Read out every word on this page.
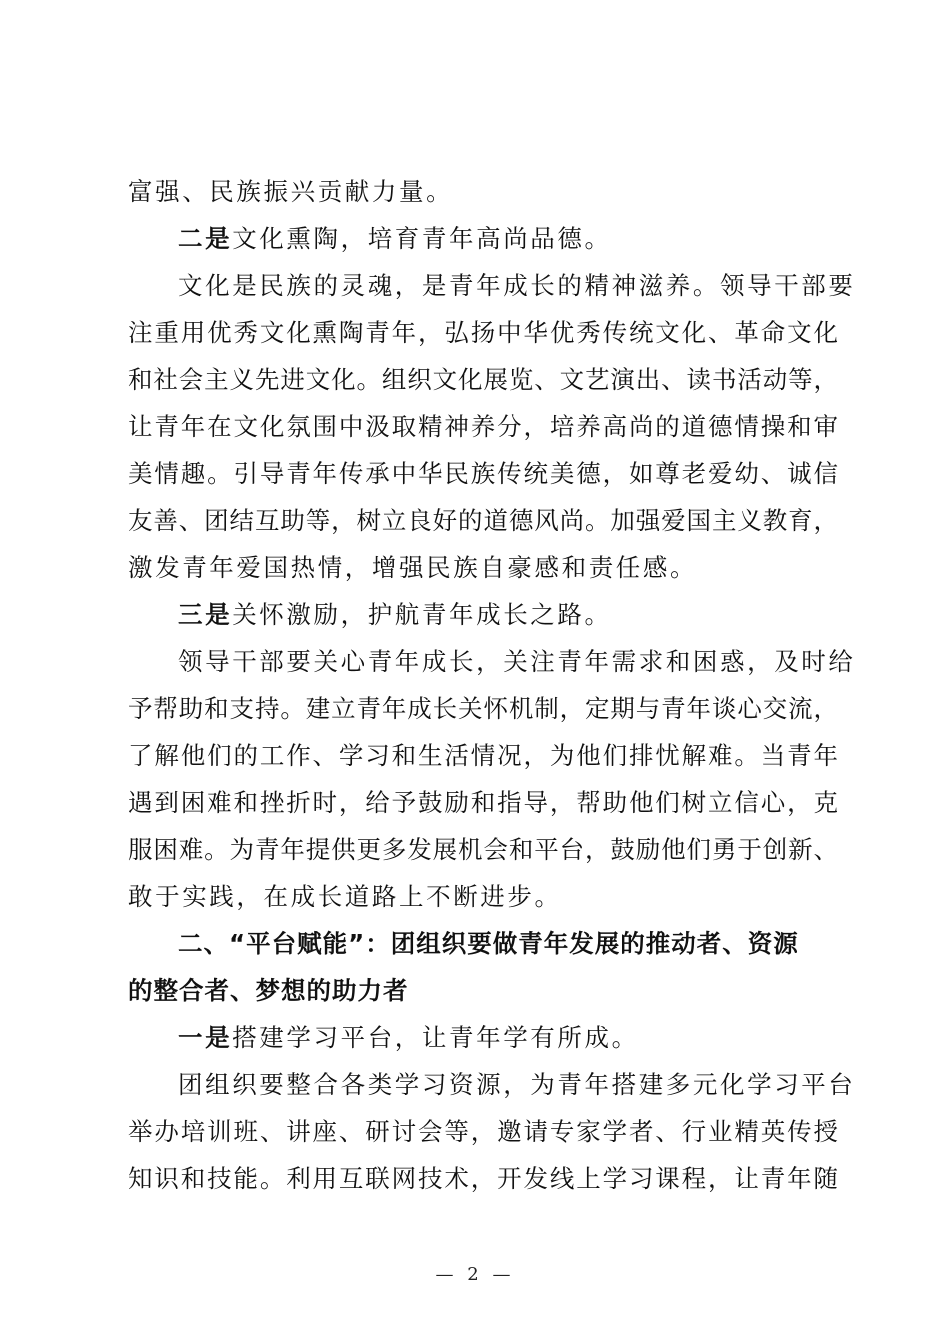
富强、民族振兴贡献力量。
二是文化熏陶，培育青年高尚品德。
文化是民族的灵魂，是青年成长的精神滋养。领导干部要
注重用优秀文化熏陶青年，弘扬中华优秀传统文化、革命文化
和社会主义先进文化。组织文化展览、文艺演出、读书活动等，
让青年在文化氛围中汲取精神养分，培养高尚的道德情操和审
美情趣。引导青年传承中华民族传统美德，如尊老爱幼、诚信
友善、团结互助等，树立良好的道德风尚。加强爱国主义教育，
激发青年爱国热情，增强民族自豪感和责任感。
三是关怀激励，护航青年成长之路。
领导干部要关心青年成长，关注青年需求和困惑，及时给
予帮助和支持。建立青年成长关怀机制，定期与青年谈心交流，
了解他们的工作、学习和生活情况，为他们排忧解难。当青年
遇到困难和挫折时，给予鼓励和指导，帮助他们树立信心，克
服困难。为青年提供更多发展机会和平台，鼓励他们勇于创新、
敢于实践，在成长道路上不断进步。
二、“平台赋能”：团组织要做青年发展的推动者、资源
的整合者、梦想的助力者
一是搭建学习平台，让青年学有所成。
团组织要整合各类学习资源，为青年搭建多元化学习平台
举办培训班、讲座、研讨会等，邀请专家学者、行业精英传授
知识和技能。利用互联网技术，开发线上学习课程，让青年随
— 2 —
